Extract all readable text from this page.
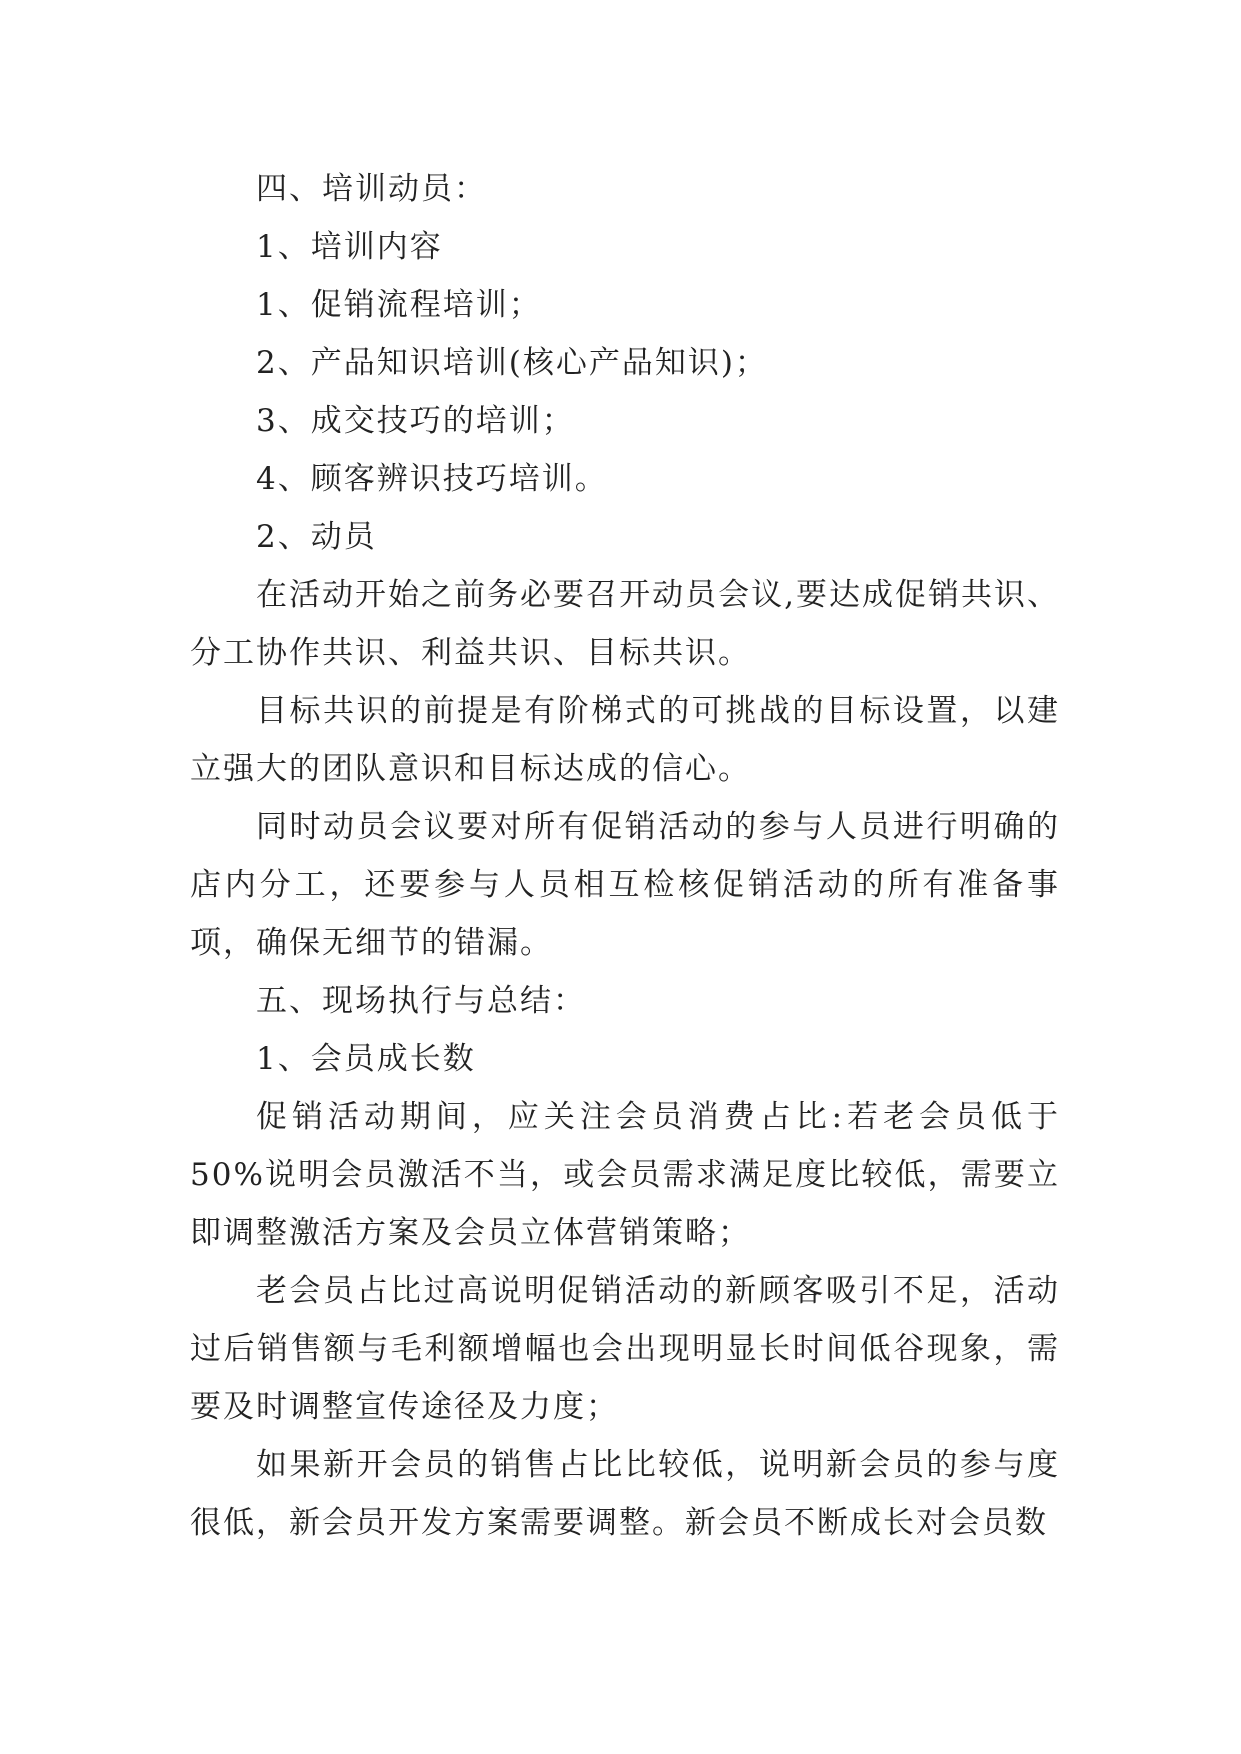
四、培训动员：

1、培训内容

1、促销流程培训；

2、产品知识培训(核心产品知识)；

3、成交技巧的培训；

4、顾客辨识技巧培训。

2、动员

在活动开始之前务必要召开动员会议,要达成促销共识、分工协作共识、利益共识、目标共识。

目标共识的前提是有阶梯式的可挑战的目标设置，以建立强大的团队意识和目标达成的信心。

同时动员会议要对所有促销活动的参与人员进行明确的店内分工，还要参与人员相互检核促销活动的所有准备事项，确保无细节的错漏。

五、现场执行与总结：

1、会员成长数

促销活动期间，应关注会员消费占比:若老会员低于50%说明会员激活不当，或会员需求满足度比较低，需要立即调整激活方案及会员立体营销策略；

老会员占比过高说明促销活动的新顾客吸引不足，活动过后销售额与毛利额增幅也会出现明显长时间低谷现象，需要及时调整宣传途径及力度；

如果新开会员的销售占比比较低，说明新会员的参与度很低，新会员开发方案需要调整。新会员不断成长对会员数
